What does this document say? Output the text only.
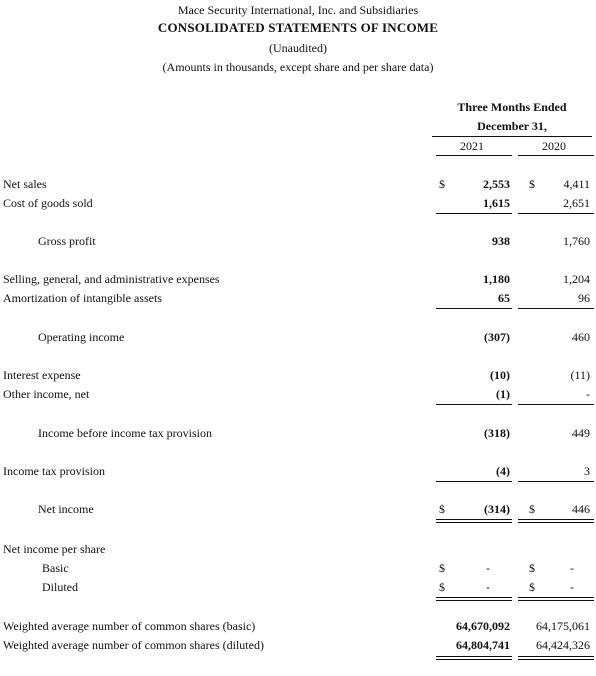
Mace Security International, Inc. and Subsidiaries
CONSOLIDATED STATEMENTS OF INCOME
(Unaudited)
(Amounts in thousands, except share and per share data)
Three Months Ended
December 31,
2021	2020
Net sales	$	2,553 $	4,411
Cost of goods sold	1,615	2,651
Gross profit	938	1,760
Selling, general, and administrative expenses	1,180	1,204
Amortization of intangible assets	65	96
Operating income	(307)	460
Interest expense	(10)	(11)
Other income, net	(1)	-
Income before income tax provision	(318)	449
Income tax provision	(4)	3
Net income	$	(314) $	446
Net income per share
Basic	$	-	$	-
Diluted	$	-	$	-
Weighted average number of common shares (basic)	64,670,092	64,175,061
Weighted average number of common shares (diluted)	64,804,741	64,424,326
